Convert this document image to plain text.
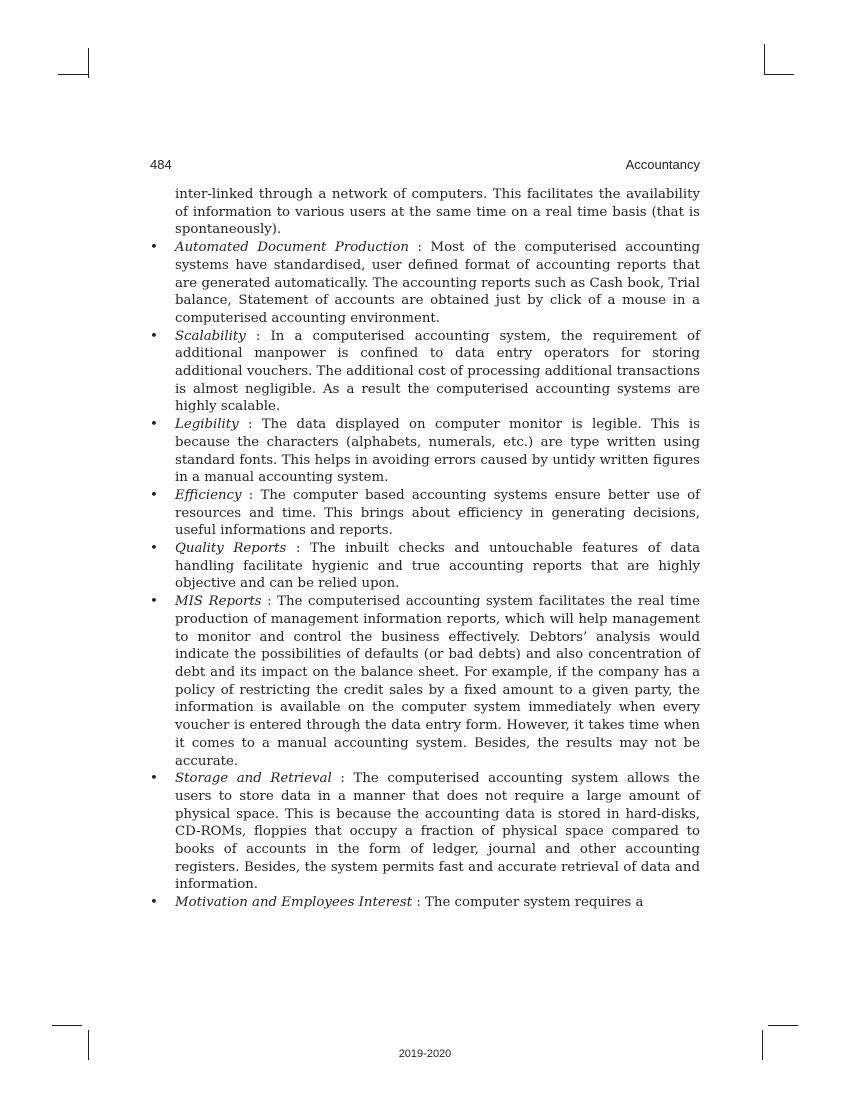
484	Accountancy

inter-linked through a network of computers. This facilitates the availability of information to various users at the same time on a real time basis (that is spontaneously).

• Automated Document Production : Most of the computerised accounting systems have standardised, user defined format of accounting reports that are generated automatically. The accounting reports such as Cash book, Trial balance, Statement of accounts are obtained just by click of a mouse in a computerised accounting environment.

• Scalability : In a computerised accounting system, the requirement of additional manpower is confined to data entry operators for storing additional vouchers. The additional cost of processing additional transactions is almost negligible. As a result the computerised accounting systems are highly scalable.

• Legibility : The data displayed on computer monitor is legible. This is because the characters (alphabets, numerals, etc.) are type written using standard fonts. This helps in avoiding errors caused by untidy written figures in a manual accounting system.

• Efficiency : The computer based accounting systems ensure better use of resources and time. This brings about efficiency in generating decisions, useful informations and reports.

• Quality Reports : The inbuilt checks and untouchable features of data handling facilitate hygienic and true accounting reports that are highly objective and can be relied upon.

• MIS Reports : The computerised accounting system facilitates the real time production of management information reports, which will help management to monitor and control the business effectively. Debtors’ analysis would indicate the possibilities of defaults (or bad debts) and also concentration of debt and its impact on the balance sheet. For example, if the company has a policy of restricting the credit sales by a fixed amount to a given party, the information is available on the computer system immediately when every voucher is entered through the data entry form. However, it takes time when it comes to a manual accounting system. Besides, the results may not be accurate.

• Storage and Retrieval : The computerised accounting system allows the users to store data in a manner that does not require a large amount of physical space. This is because the accounting data is stored in hard-disks, CD-ROMs, floppies that occupy a fraction of physical space compared to books of accounts in the form of ledger, journal and other accounting registers. Besides, the system permits fast and accurate retrieval of data and information.

• Motivation and Employees Interest : The computer system requires a

2019-2020
